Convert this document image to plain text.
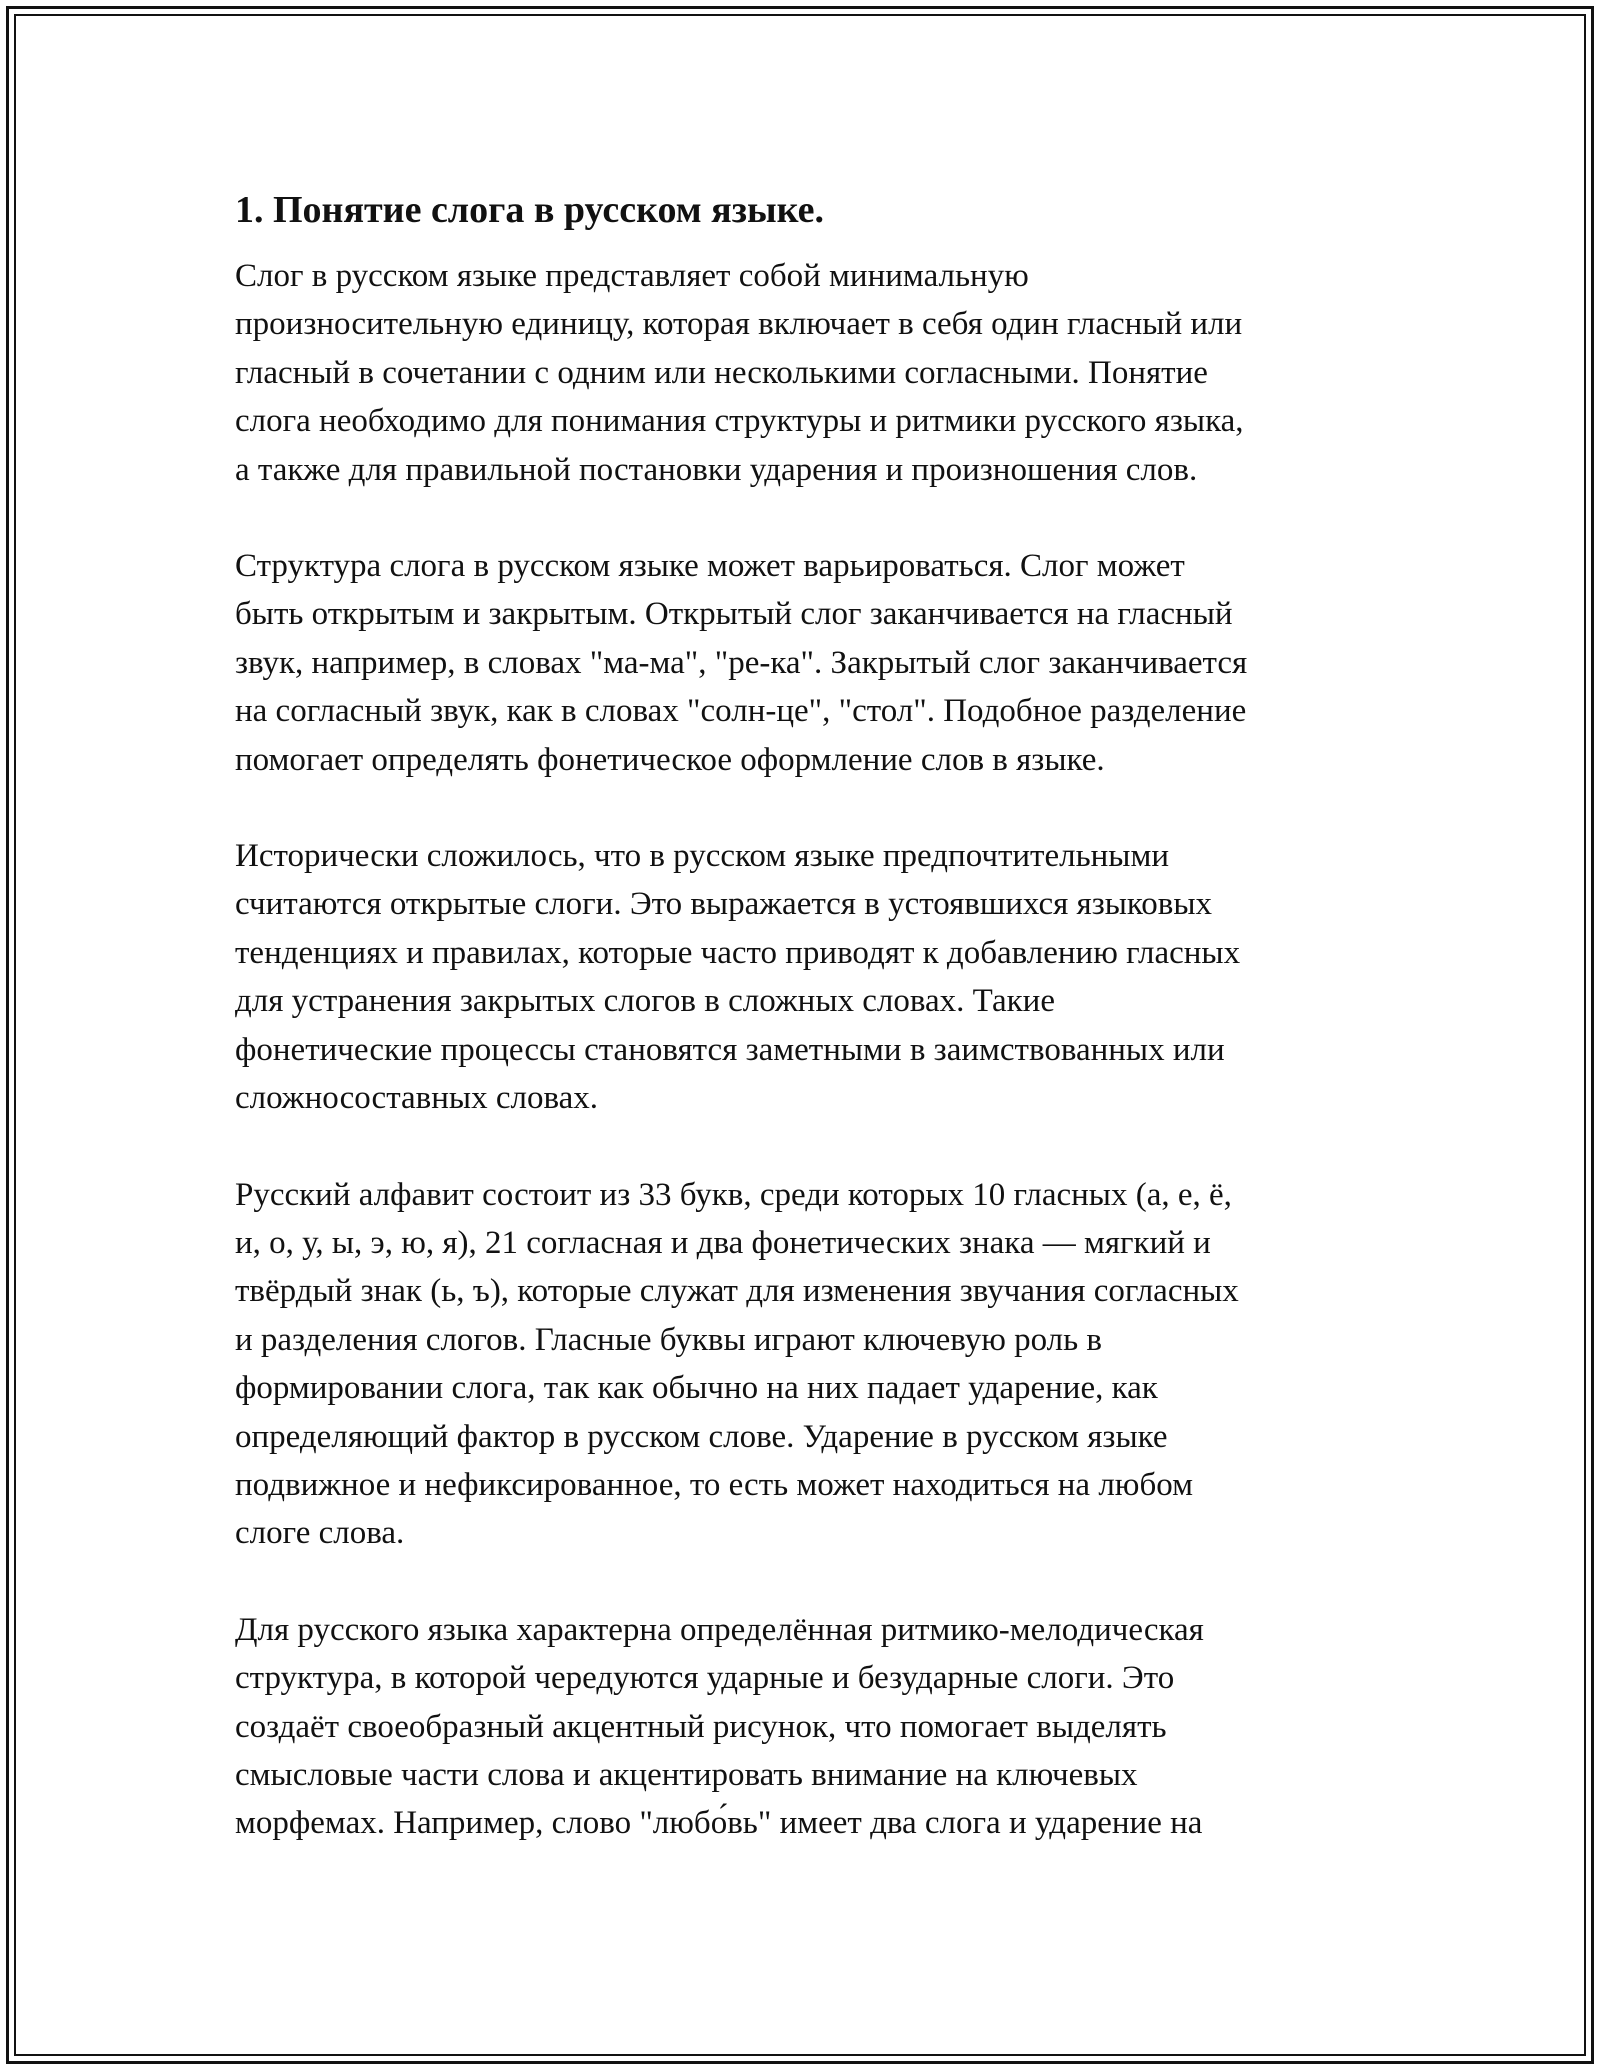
1. Понятие слога в русском языке.
Слог в русском языке представляет собой минимальную
произносительную единицу, которая включает в себя один гласный или
гласный в сочетании с одним или несколькими согласными. Понятие
слога необходимо для понимания структуры и ритмики русского языка,
а также для правильной постановки ударения и произношения слов.
Структура слога в русском языке может варьироваться. Слог может
быть открытым и закрытым. Открытый слог заканчивается на гласный
звук, например, в словах "ма-ма", "ре-ка". Закрытый слог заканчивается
на согласный звук, как в словах "солн-це", "стол". Подобное разделение
помогает определять фонетическое оформление слов в языке.
Исторически сложилось, что в русском языке предпочтительными
считаются открытые слоги. Это выражается в устоявшихся языковых
тенденциях и правилах, которые часто приводят к добавлению гласных
для устранения закрытых слогов в сложных словах. Такие
фонетические процессы становятся заметными в заимствованных или
сложносоставных словах.
Русский алфавит состоит из 33 букв, среди которых 10 гласных (а, е, ё,
и, о, у, ы, э, ю, я), 21 согласная и два фонетических знака — мягкий и
твёрдый знак (ь, ъ), которые служат для изменения звучания согласных
и разделения слогов. Гласные буквы играют ключевую роль в
формировании слога, так как обычно на них падает ударение, как
определяющий фактор в русском слове. Ударение в русском языке
подвижное и нефиксированное, то есть может находиться на любом
слоге слова.
Для русского языка характерна определённая ритмико-мелодическая
структура, в которой чередуются ударные и безударные слоги. Это
создаёт своеобразный акцентный рисунок, что помогает выделять
смысловые части слова и акцентировать внимание на ключевых
морфемах. Например, слово "любо́вь" имеет два слога и ударение на
